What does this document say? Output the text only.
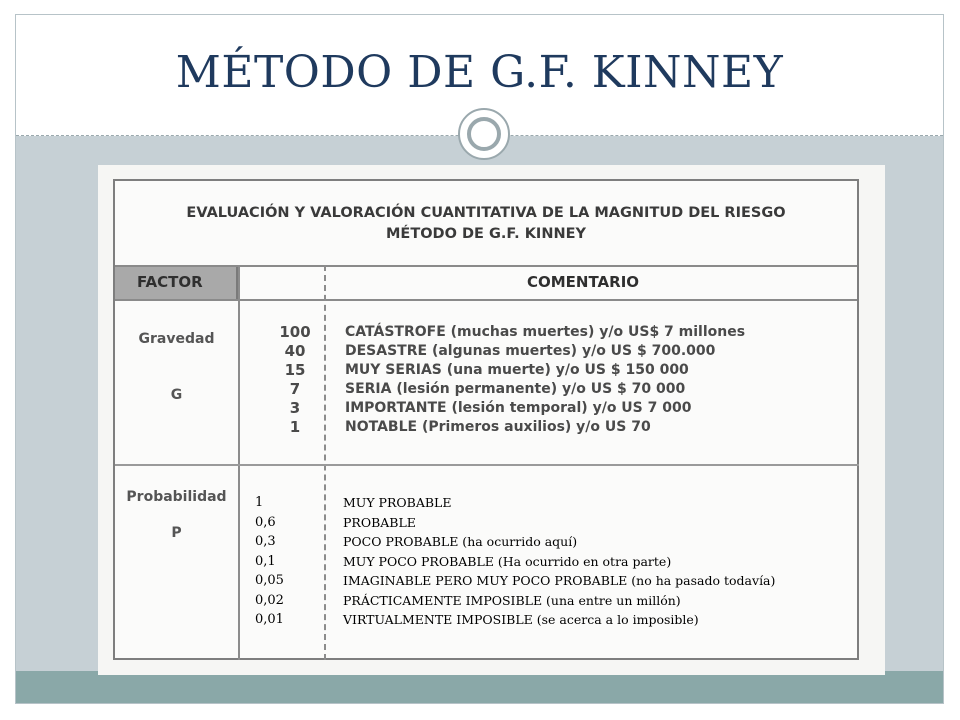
MÉTODO DE G.F. KINNEY
EVALUACIÓN Y VALORACIÓN CUANTITATIVA DE LA MAGNITUD DEL RIESGO
MÉTODO DE G.F. KINNEY
FACTOR	COMENTARIO
Gravedad
G
100
40
15
7
3
1
CATÁSTROFE (muchas muertes) y/o US$ 7 millones
DESASTRE (algunas muertes) y/o US $ 700.000
MUY SERIAS (una muerte) y/o US $ 150 000
SERIA (lesión permanente) y/o US $ 70 000
IMPORTANTE (lesión temporal) y/o US 7 000
NOTABLE (Primeros auxilios) y/o US 70
Probabilidad
P
1
0,6
0,3
0,1
0,05
0,02
0,01
MUY PROBABLE
PROBABLE
POCO PROBABLE (ha ocurrido aquí)
MUY POCO PROBABLE (Ha ocurrido en otra parte)
IMAGINABLE PERO MUY POCO PROBABLE (no ha pasado todavía)
PRÁCTICAMENTE IMPOSIBLE (una entre un millón)
VIRTUALMENTE IMPOSIBLE (se acerca a lo imposible)
